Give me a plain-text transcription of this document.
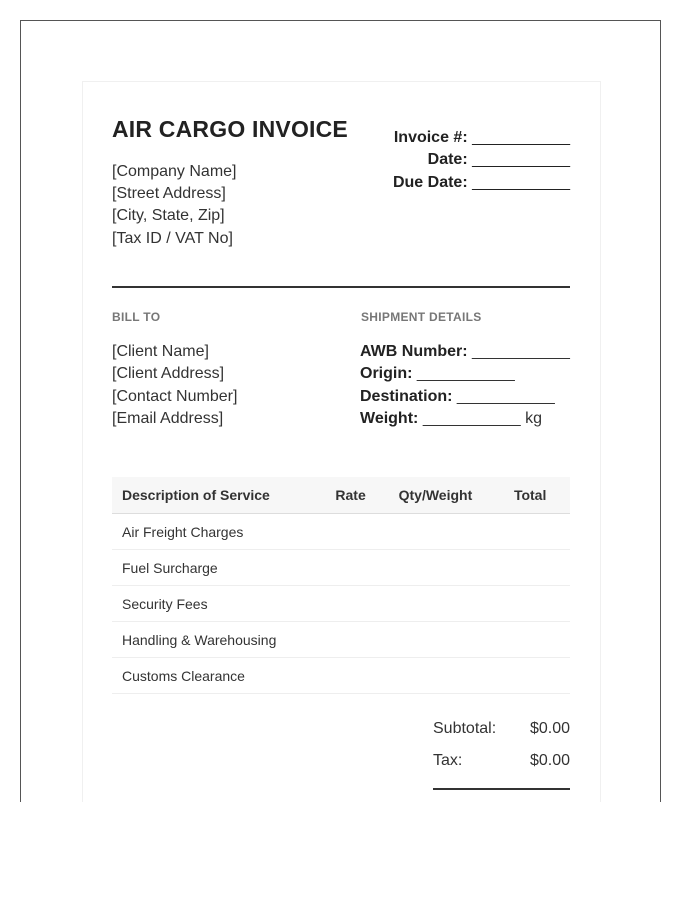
AIR CARGO INVOICE
[Company Name]
[Street Address]
[City, State, Zip]
[Tax ID / VAT No]
Invoice #: ___________
Date: ___________
Due Date: ___________
BILL TO	SHIPMENT DETAILS
[Client Name]
[Client Address]
[Contact Number]
[Email Address]
AWB Number: ___________
Origin: ___________
Destination: ___________
Weight: ___________ kg
Description of Service	Rate	Qty/Weight	Total
Air Freight Charges			
Fuel Surcharge			
Security Fees			
Handling & Warehousing			
Customs Clearance			
Subtotal: $0.00
Tax:	$0.00
